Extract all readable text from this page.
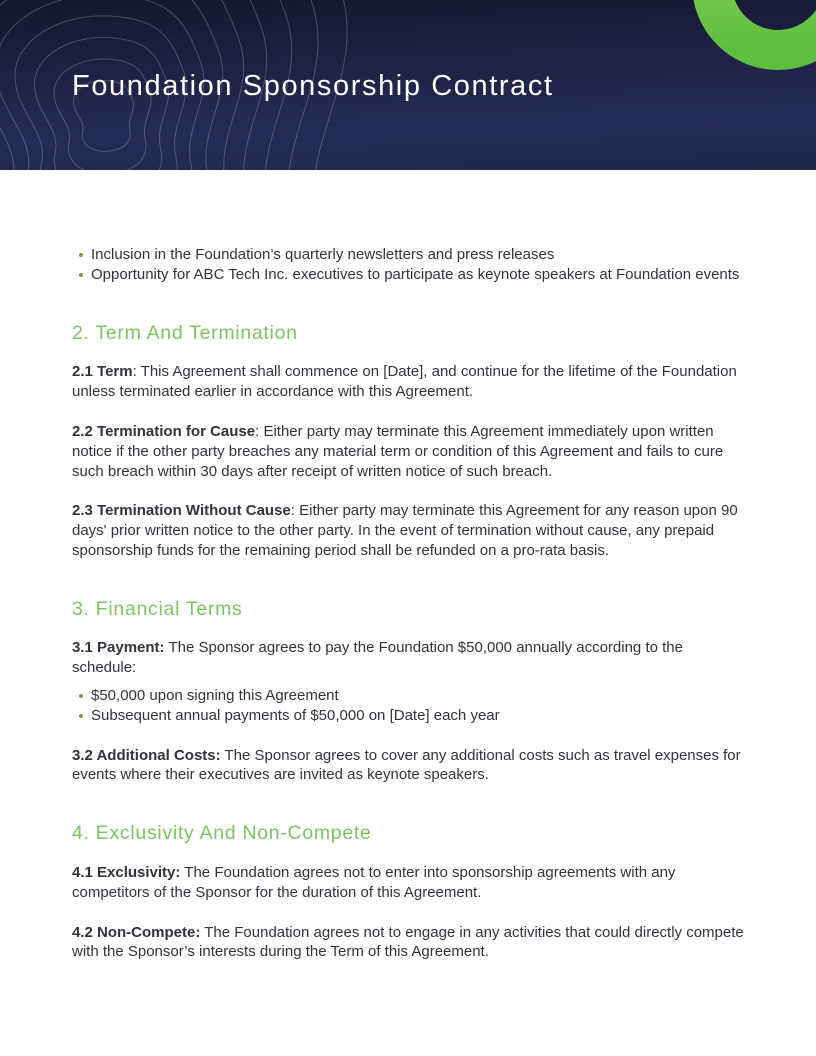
Foundation Sponsorship Contract
Inclusion in the Foundation’s quarterly newsletters and press releases
Opportunity for ABC Tech Inc. executives to participate as keynote speakers at Foundation events
2. Term And Termination

2.1 Term: This Agreement shall commence on [Date], and continue for the lifetime of the Foundation unless terminated earlier in accordance with this Agreement.

2.2 Termination for Cause: Either party may terminate this Agreement immediately upon written notice if the other party breaches any material term or condition of this Agreement and fails to cure such breach within 30 days after receipt of written notice of such breach.

2.3 Termination Without Cause: Either party may terminate this Agreement for any reason upon 90 days' prior written notice to the other party. In the event of termination without cause, any prepaid sponsorship funds for the remaining period shall be refunded on a pro-rata basis.

3. Financial Terms

3.1 Payment: The Sponsor agrees to pay the Foundation $50,000 annually according to the schedule:

$50,000 upon signing this Agreement
Subsequent annual payments of $50,000 on [Date] each year

3.2 Additional Costs: The Sponsor agrees to cover any additional costs such as travel expenses for events where their executives are invited as keynote speakers.

4. Exclusivity And Non-Compete

4.1 Exclusivity: The Foundation agrees not to enter into sponsorship agreements with any competitors of the Sponsor for the duration of this Agreement.

4.2 Non-Compete: The Foundation agrees not to engage in any activities that could directly compete with the Sponsor’s interests during the Term of this Agreement.
